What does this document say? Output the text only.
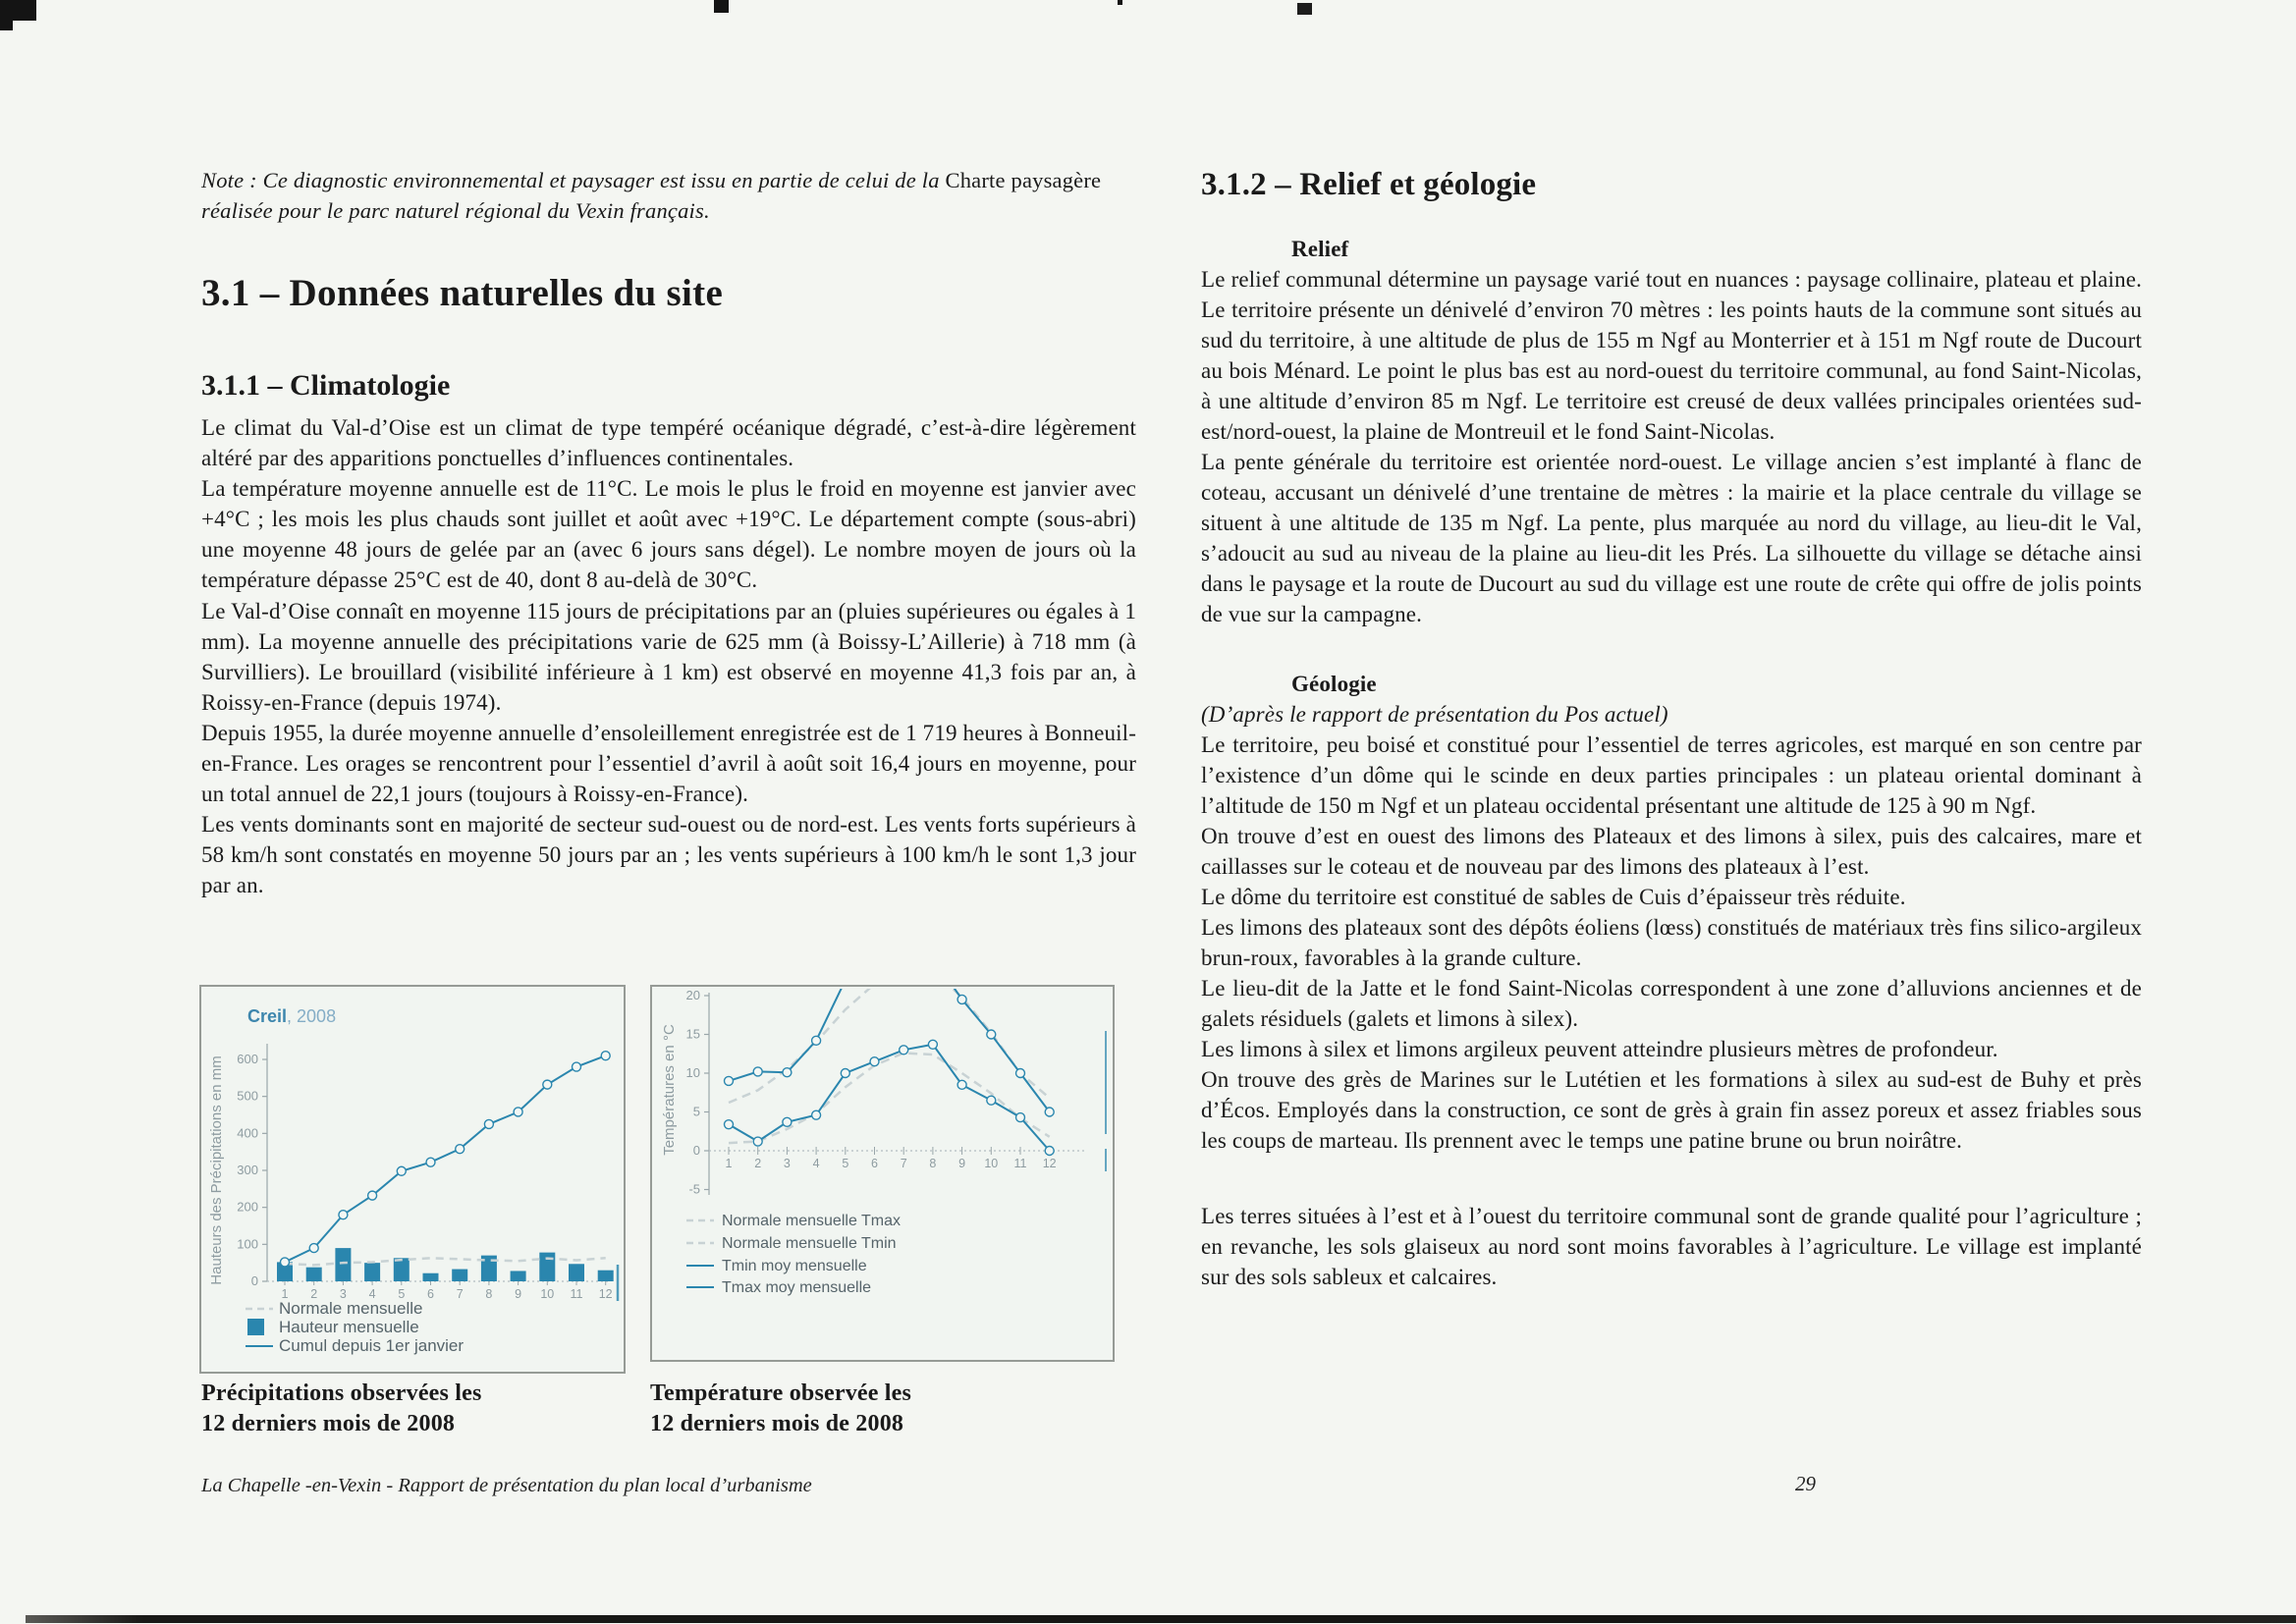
Note : Ce diagnostic environnemental et paysager est issu en partie de celui de la Charte paysagère réalisée pour le parc naturel régional du Vexin français.
3.1 – Données naturelles du site
3.1.1 – Climatologie

Le climat du Val-d’Oise est un climat de type tempéré océanique dégradé, c’est-à-dire légèrement altéré par des apparitions ponctuelles d’influences continentales.

La température moyenne annuelle est de 11°C. Le mois le plus le froid en moyenne est janvier avec +4°C ; les mois les plus chauds sont juillet et août avec +19°C. Le département compte (sous-abri) une moyenne 48 jours de gelée par an (avec 6 jours sans dégel). Le nombre moyen de jours où la température dépasse 25°C est de 40, dont 8 au-delà de 30°C.

Le Val-d’Oise connaît en moyenne 115 jours de précipitations par an (pluies supérieures ou égales à 1 mm). La moyenne annuelle des précipitations varie de 625 mm (à Boissy-L’Aillerie) à 718 mm (à Survilliers). Le brouillard (visibilité inférieure à 1 km) est observé en moyenne 41,3 fois par an, à Roissy-en-France (depuis 1974).

Depuis 1955, la durée moyenne annuelle d’ensoleillement enregistrée est de 1 719 heures à Bonneuil-en-France. Les orages se rencontrent pour l’essentiel d’avril à août soit 16,4 jours en moyenne, pour un total annuel de 22,1 jours (toujours à Roissy-en-France).

Les vents dominants sont en majorité de secteur sud-ouest ou de nord-est. Les vents forts supérieurs à 58 km/h sont constatés en moyenne 50 jours par an ; les vents supérieurs à 100 km/h le sont 1,3 jour par an.

0
100
200
300
400
500
600
1 2 3 4 5 6 7 8 9 10 11 12
Creil, 2008
Hauteurs des Précipitations en mm
Normale mensuelle
Hauteur mensuelle
Cumul depuis 1er janvier
-5
0
5
10
15
20
1 2 3 4 5 6 7 8 9 10 11 12
Températures en °C
Normale mensuelle Tmax
Normale mensuelle Tmin
Tmin moy mensuelle
Tmax moy mensuelle
Précipitations observées les
12 derniers mois de 2008
Température observée les
12 derniers mois de 2008
3.1.2 – Relief et géologie
Relief

Le relief communal détermine un paysage varié tout en nuances : paysage collinaire, plateau et plaine. Le territoire présente un dénivelé d’environ 70 mètres : les points hauts de la commune sont situés au sud du territoire, à une altitude de plus de 155 m Ngf au Monterrier et à 151 m Ngf route de Ducourt au bois Ménard. Le point le plus bas est au nord-ouest du territoire communal, au fond Saint-Nicolas, à une altitude d’environ 85 m Ngf. Le territoire est creusé de deux vallées principales orientées sud-est/nord-ouest, la plaine de Montreuil et le fond Saint-Nicolas.

La pente générale du territoire est orientée nord-ouest. Le village ancien s’est implanté à flanc de coteau, accusant un dénivelé d’une trentaine de mètres : la mairie et la place centrale du village se situent à une altitude de 135 m Ngf. La pente, plus marquée au nord du village, au lieu-dit le Val, s’adoucit au sud au niveau de la plaine au lieu-dit les Prés. La silhouette du village se détache ainsi dans le paysage et la route de Ducourt au sud du village est une route de crête qui offre de jolis points de vue sur la campagne.

Géologie

(D’après le rapport de présentation du Pos actuel)

Le territoire, peu boisé et constitué pour l’essentiel de terres agricoles, est marqué en son centre par l’existence d’un dôme qui le scinde en deux parties principales : un plateau oriental dominant à l’altitude de 150 m Ngf et un plateau occidental présentant une altitude de 125 à 90 m Ngf.

On trouve d’est en ouest des limons des Plateaux et des limons à silex, puis des calcaires, mare et caillasses sur le coteau et de nouveau par des limons des plateaux à l’est.

Le dôme du territoire est constitué de sables de Cuis d’épaisseur très réduite.

Les limons des plateaux sont des dépôts éoliens (lœss) constitués de matériaux très fins silico-argileux brun-roux, favorables à la grande culture.

Le lieu-dit de la Jatte et le fond Saint-Nicolas correspondent à une zone d’alluvions anciennes et de galets résiduels (galets et limons à silex).

Les limons à silex et limons argileux peuvent atteindre plusieurs mètres de profondeur.

On trouve des grès de Marines sur le Lutétien et les formations à silex au sud-est de Buhy et près d’Écos. Employés dans la construction, ce sont de grès à grain fin assez poreux et assez friables sous les coups de marteau. Ils prennent avec le temps une patine brune ou brun noirâtre.

Les terres situées à l’est et à l’ouest du territoire communal sont de grande qualité pour l’agriculture ; en revanche, les sols glaiseux au nord sont moins favorables à l’agriculture. Le village est implanté sur des sols sableux et calcaires.

La Chapelle -en-Vexin - Rapport de présentation du plan local d’urbanisme	29
